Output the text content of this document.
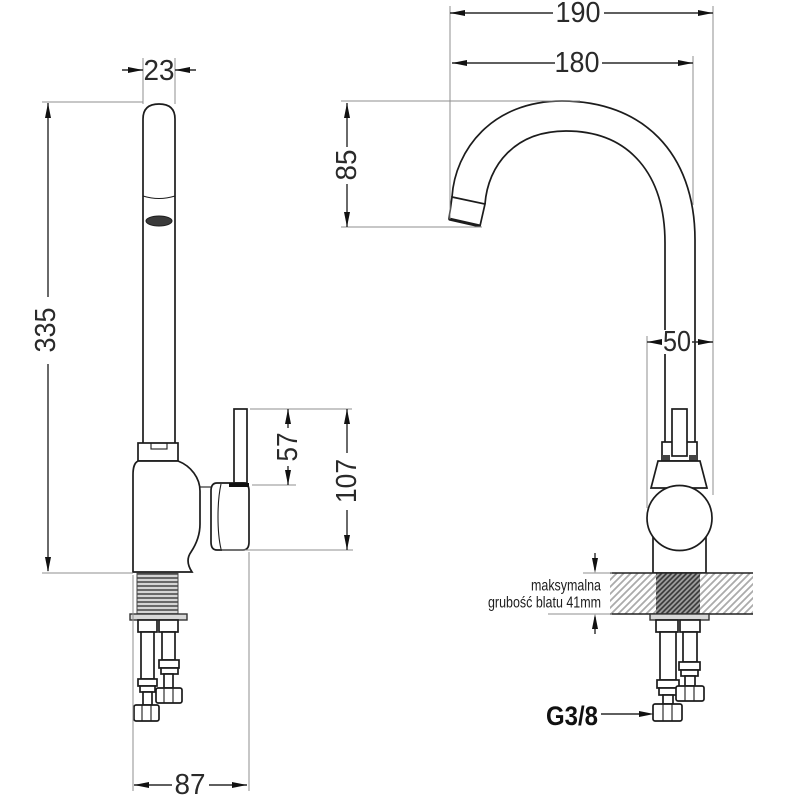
190
180
23
85
335	50
57
107
87
maksymalna
grubość blatu 41mm
G3/8
